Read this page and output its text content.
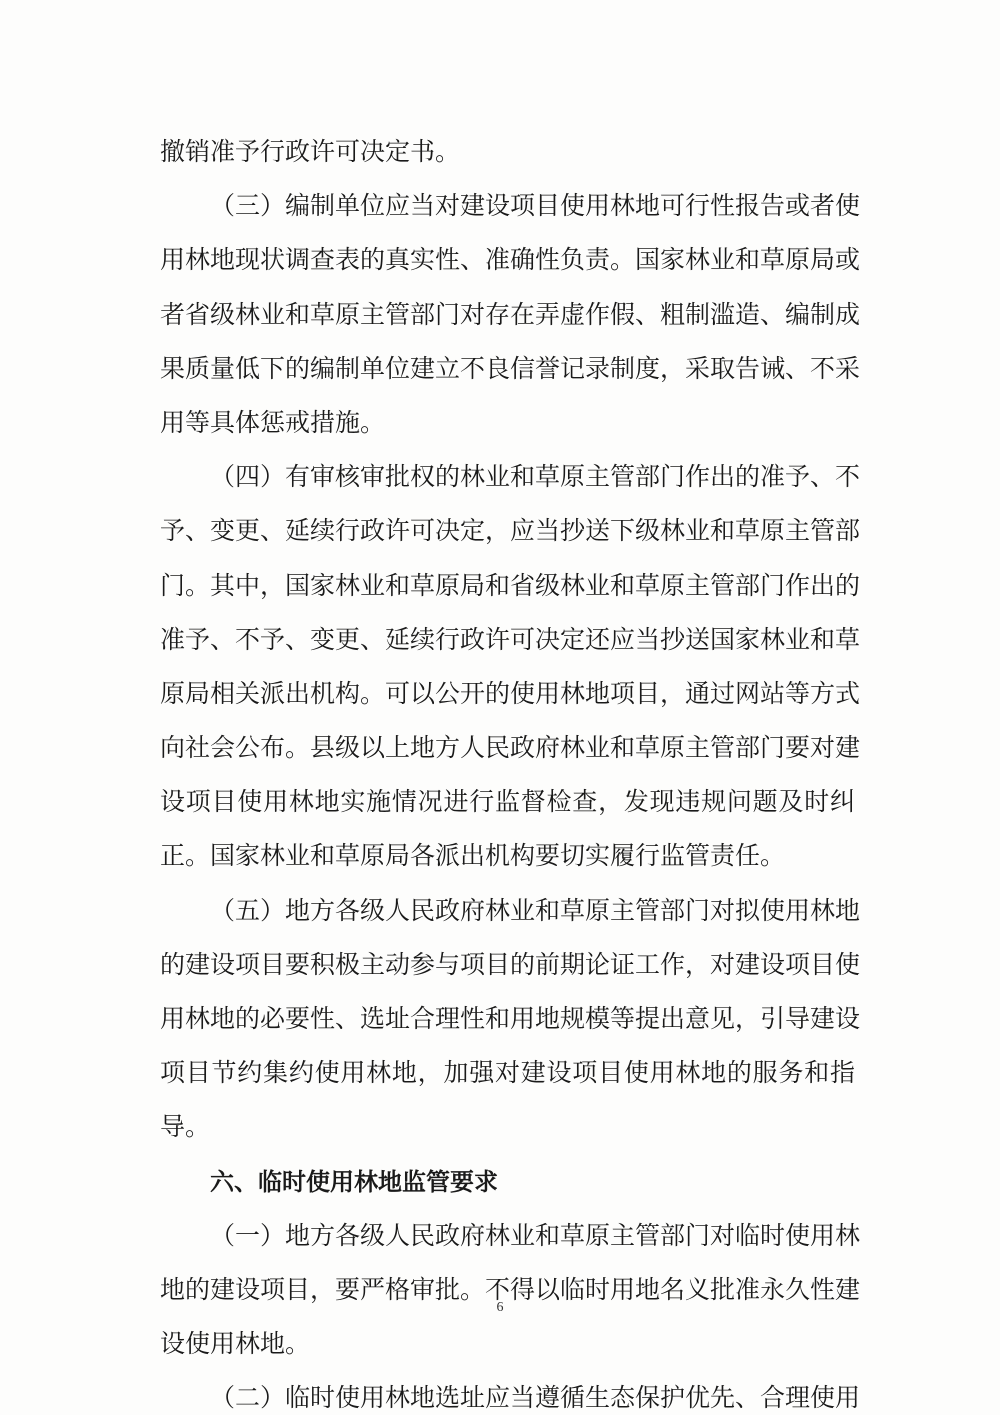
撤销准予行政许可决定书。
（三）编制单位应当对建设项目使用林地可行性报告或者使
用林地现状调查表的真实性、准确性负责。国家林业和草原局或
者省级林业和草原主管部门对存在弄虚作假、粗制滥造、编制成
果质量低下的编制单位建立不良信誉记录制度，采取告诫、不采
用等具体惩戒措施。
（四）有审核审批权的林业和草原主管部门作出的准予、不
予、变更、延续行政许可决定，应当抄送下级林业和草原主管部
门。其中，国家林业和草原局和省级林业和草原主管部门作出的
准予、不予、变更、延续行政许可决定还应当抄送国家林业和草
原局相关派出机构。可以公开的使用林地项目，通过网站等方式
向社会公布。县级以上地方人民政府林业和草原主管部门要对建
设项目使用林地实施情况进行监督检查，发现违规问题及时纠
正。国家林业和草原局各派出机构要切实履行监管责任。
（五）地方各级人民政府林业和草原主管部门对拟使用林地
的建设项目要积极主动参与项目的前期论证工作，对建设项目使
用林地的必要性、选址合理性和用地规模等提出意见，引导建设
项目节约集约使用林地，加强对建设项目使用林地的服务和指
导。
六、临时使用林地监管要求
（一）地方各级人民政府林业和草原主管部门对临时使用林
地的建设项目，要严格审批。不得以临时用地名义批准永久性建
设使用林地。
（二）临时使用林地选址应当遵循生态保护优先、合理使用
6
